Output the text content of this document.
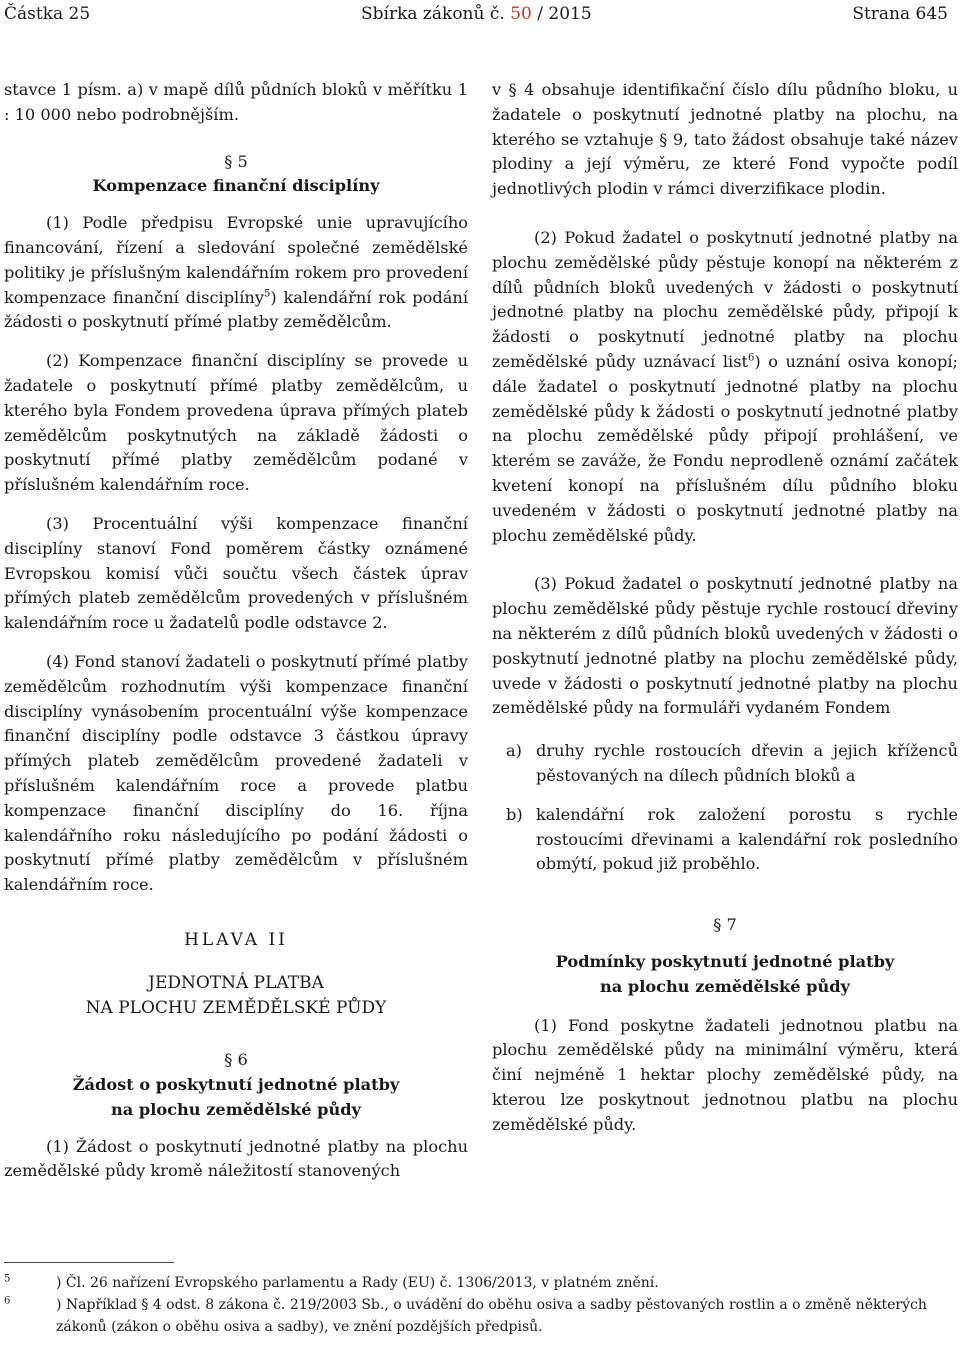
Částka 25	Sbírka zákonů č. 50 / 2015	Strana 645

stavce 1 písm. a) v mapě dílů půdních bloků v měřítku 1 : 10 000 nebo podrobnějším.

§ 5

Kompenzace finanční disciplíny

(1) Podle předpisu Evropské unie upravujícího financování, řízení a sledování společné zemědělské politiky je příslušným kalendářním rokem pro provedení kompenzace finanční disciplíny$^5$) kalendářní rok podání žádosti o poskytnutí přímé platby zemědělcům.

(2) Kompenzace finanční disciplíny se provede u žadatele o poskytnutí přímé platby zemědělcům, u kterého byla Fondem provedena úprava přímých plateb zemědělcům poskytnutých na základě žádosti o poskytnutí přímé platby zemědělcům podané v příslušném kalendářním roce.

(3) Procentuální výši kompenzace finanční disciplíny stanoví Fond poměrem částky oznámené Evropskou komisí vůči součtu všech částek úprav přímých plateb zemědělcům provedených v příslušném kalendářním roce u žadatelů podle odstavce 2.

(4) Fond stanoví žadateli o poskytnutí přímé platby zemědělcům rozhodnutím výši kompenzace finanční disciplíny vynásobením procentuální výše kompenzace finanční disciplíny podle odstavce 3 částkou úpravy přímých plateb zemědělcům provedené žadateli v příslušném kalendářním roce a provede platbu kompenzace finanční disciplíny do 16. října kalendářního roku následujícího po podání žádosti o poskytnutí přímé platby zemědělcům v příslušném kalendářním roce.

HLAVA II
JEDNOTNÁ PLATBA
NA PLOCHU ZEMĚDĚLSKÉ PŮDY

§ 6

Žádost o poskytnutí jednotné platby
na plochu zemědělské půdy

(1) Žádost o poskytnutí jednotné platby na plochu zemědělské půdy kromě náležitostí stanovených

v § 4 obsahuje identifikační číslo dílu půdního bloku, u žadatele o poskytnutí jednotné platby na plochu, na kterého se vztahuje § 9, tato žádost obsahuje také název plodiny a její výměru, ze které Fond vypočte podíl jednotlivých plodin v rámci diverzifikace plodin.

(2) Pokud žadatel o poskytnutí jednotné platby na plochu zemědělské půdy pěstuje konopí na některém z dílů půdních bloků uvedených v žádosti o poskytnutí jednotné platby na plochu zemědělské půdy, připojí k žádosti o poskytnutí jednotné platby na plochu zemědělské půdy uznávací list$^6$) o uznání osiva konopí; dále žadatel o poskytnutí jednotné platby na plochu zemědělské půdy k žádosti o poskytnutí jednotné platby na plochu zemědělské půdy připojí prohlášení, ve kterém se zaváže, že Fondu neprodleně oznámí začátek kvetení konopí na příslušném dílu půdního bloku uvedeném v žádosti o poskytnutí jednotné platby na plochu zemědělské půdy.

(3) Pokud žadatel o poskytnutí jednotné platby na plochu zemědělské půdy pěstuje rychle rostoucí dřeviny na některém z dílů půdních bloků uvedených v žádosti o poskytnutí jednotné platby na plochu zemědělské půdy, uvede v žádosti o poskytnutí jednotné platby na plochu zemědělské půdy na formuláři vydaném Fondem

a) druhy rychle rostoucích dřevin a jejich kříženců pěstovaných na dílech půdních bloků a
b) kalendářní rok založení porostu s rychle rostoucími dřevinami a kalendářní rok posledního obmýtí, pokud již proběhlo.

§ 7

Podmínky poskytnutí jednotné platby
na plochu zemědělské půdy

(1) Fond poskytne žadateli jednotnou platbu na plochu zemědělské půdy na minimální výměru, která činí nejméně 1 hektar plochy zemědělské půdy, na kterou lze poskytnout jednotnou platbu na plochu zemědělské půdy.

$^5$	) Čl. 26 nařízení Evropského parlamentu a Rady (EU) č. 1306/2013, v platném znění.
$^6$	) Například § 4 odst. 8 zákona č. 219/2003 Sb., o uvádění do oběhu osiva a sadby pěstovaných rostlin a o změně některých zákonů (zákon o oběhu osiva a sadby), ve znění pozdějších předpisů.
